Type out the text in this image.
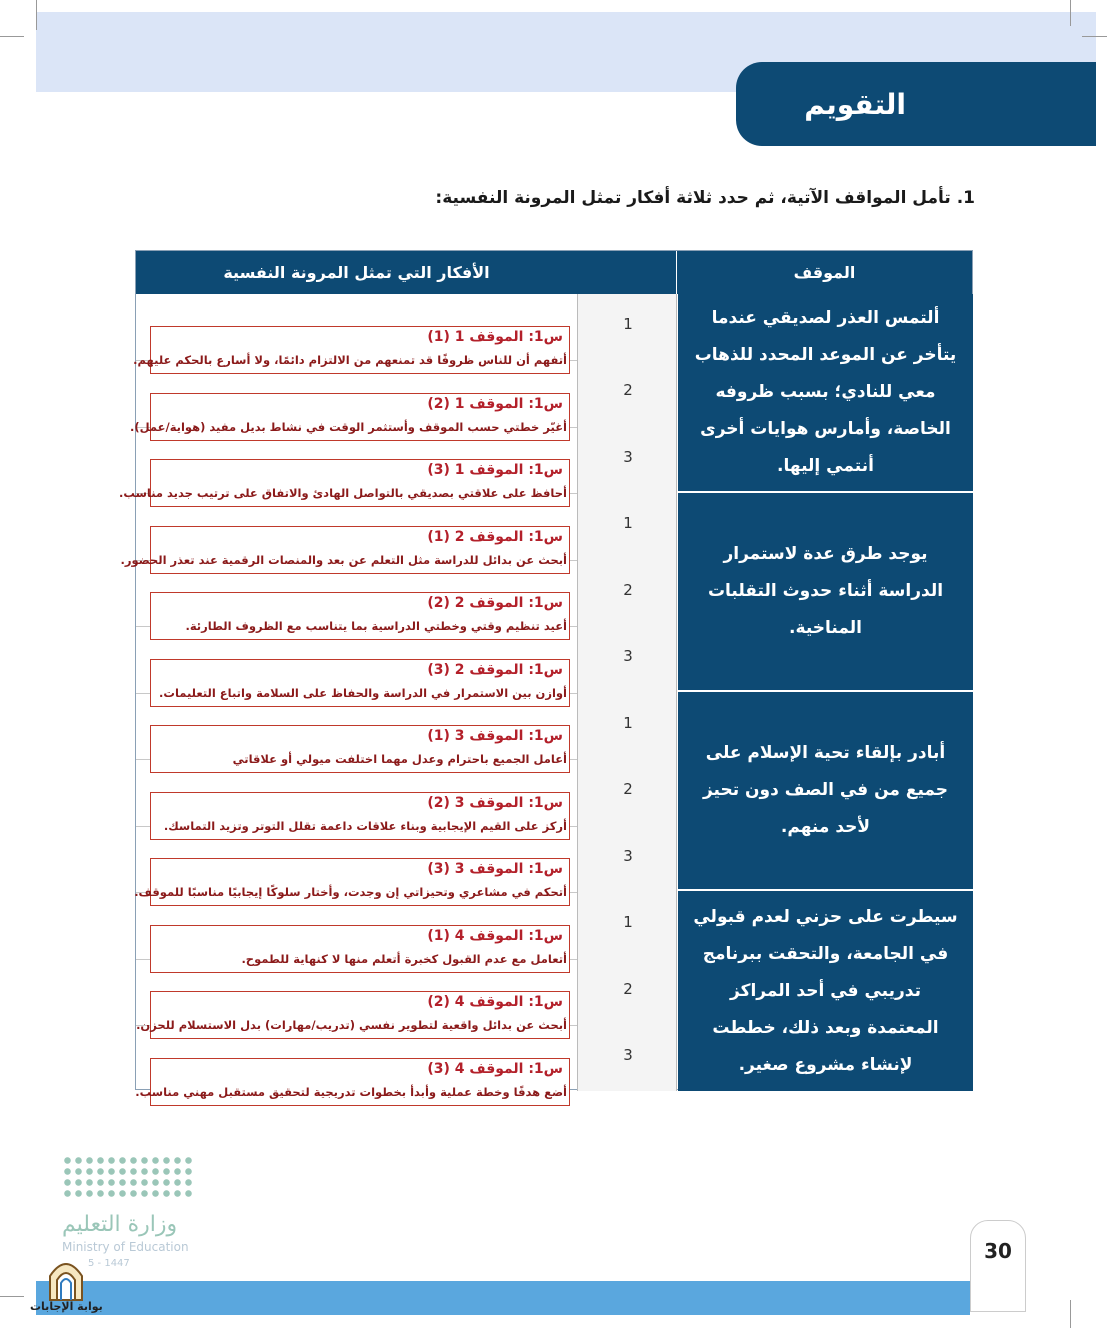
التقويم
1. تأمل المواقف الآتية، ثم حدد ثلاثة أفكار تمثل المرونة النفسية:
الموقف
الأفكار التي تمثل المرونة النفسية
1
2
3
1
2
3
1
2
3
1
2
3
ألتمس العذر لصديقي عندما يتأخر عن الموعد المحدد للذهاب معي للنادي؛ بسبب ظروفه الخاصة، وأمارس هوايات أخرى أنتمي إليها.
يوجد طرق عدة لاستمرار الدراسة أثناء حدوث التقلبات المناخية.
أبادر بإلقاء تحية الإسلام على جميع من في الصف دون تحيز لأحد منهم.
سيطرت على حزني لعدم قبولي في الجامعة، والتحقت ببرنامج تدريبي في أحد المراكز المعتمدة وبعد ذلك، خططت لإنشاء مشروع صغير.
س1: الموقف 1 (1)
أتفهم أن للناس ظروفًا قد تمنعهم من الالتزام دائمًا، ولا أسارع بالحكم عليهم.
س1: الموقف 1 (2)
أغيّر خطتي حسب الموقف وأستثمر الوقت في نشاط بديل مفيد (هواية/عمل).
س1: الموقف 1 (3)
أحافظ على علاقتي بصديقي بالتواصل الهادئ والاتفاق على ترتيب جديد مناسب.
س1: الموقف 2 (1)
أبحث عن بدائل للدراسة مثل التعلم عن بعد والمنصات الرقمية عند تعذر الحضور.
س1: الموقف 2 (2)
أعيد تنظيم وقتي وخطتي الدراسية بما يتناسب مع الظروف الطارئة.
س1: الموقف 2 (3)
أوازن بين الاستمرار في الدراسة والحفاظ على السلامة واتباع التعليمات.
س1: الموقف 3 (1)
أعامل الجميع باحترام وعدل مهما اختلفت ميولي أو علاقاتي
س1: الموقف 3 (2)
أركز على القيم الإيجابية وبناء علاقات داعمة تقلل التوتر وتزيد التماسك.
س1: الموقف 3 (3)
أتحكم في مشاعري وتحيزاتي إن وجدت، وأختار سلوكًا إيجابيًا مناسبًا للموقف.
س1: الموقف 4 (1)
أتعامل مع عدم القبول كخبرة أتعلم منها لا كنهاية للطموح.
س1: الموقف 4 (2)
أبحث عن بدائل واقعية لتطوير نفسي (تدريب/مهارات) بدل الاستسلام للحزن.
س1: الموقف 4 (3)
أضع هدفًا وخطة عملية وأبدأ بخطوات تدريجية لتحقيق مستقبل مهني مناسب.
وزارة التعليم
Ministry of Education
5 - 1447
30
بوابة الإجابات
